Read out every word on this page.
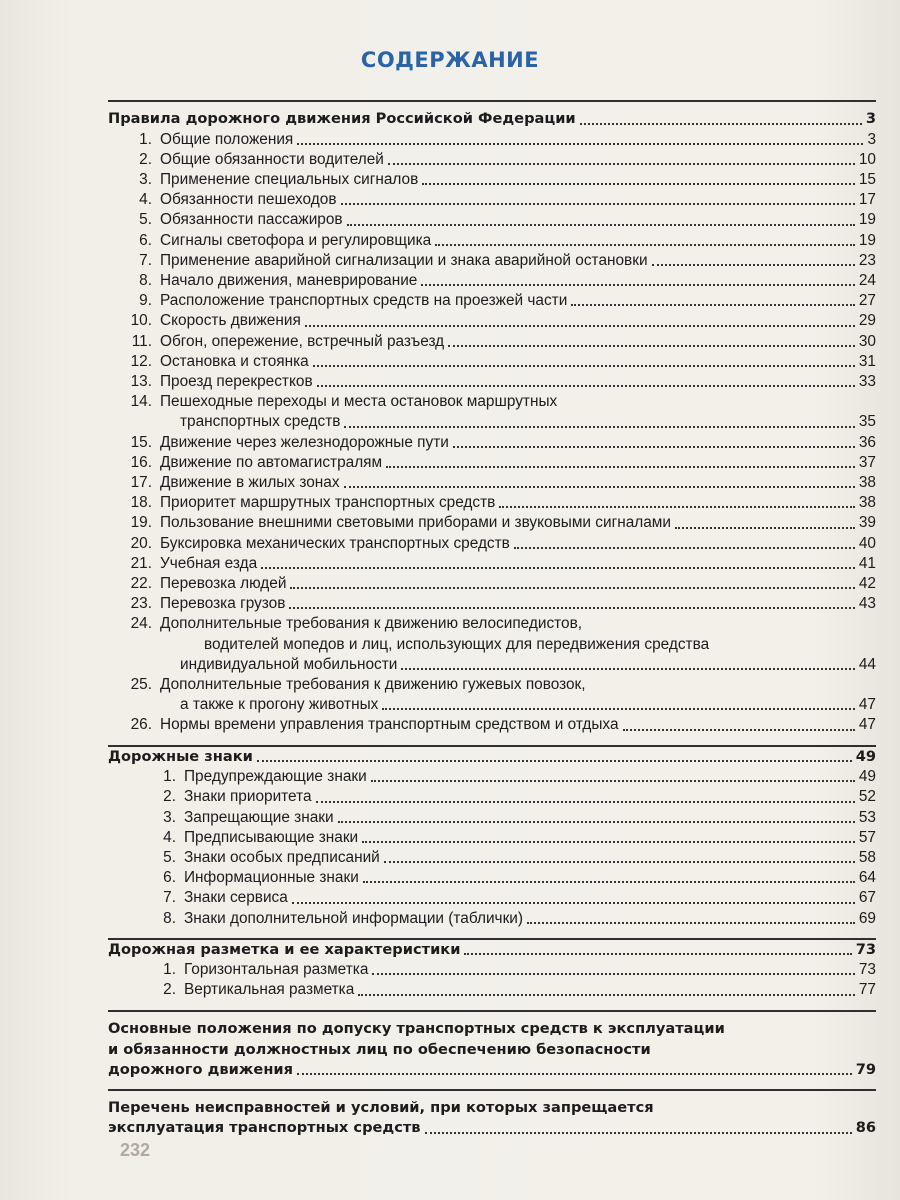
СОДЕРЖАНИЕ
Правила дорожного движения Российской Федерации	3
1. Общие положения	3
2. Общие обязанности водителей	10
3. Применение специальных сигналов	15
4. Обязанности пешеходов	17
5. Обязанности пассажиров	19
6. Сигналы светофора и регулировщика	19
7. Применение аварийной сигнализации и знака аварийной остановки	23
8. Начало движения, маневрирование	24
9. Расположение транспортных средств на проезжей части	27
10. Скорость движения	29
11. Обгон, опережение, встречный разъезд	30
12. Остановка и стоянка	31
13. Проезд перекрестков	33
14. Пешеходные переходы и места остановок маршрутных
транспортных средств	35
15. Движение через железнодорожные пути	36
16. Движение по автомагистралям	37
17. Движение в жилых зонах	38
18. Приоритет маршрутных транспортных средств	38
19. Пользование внешними световыми приборами и звуковыми сигналами	39
20. Буксировка механических транспортных средств	40
21. Учебная езда	41
22. Перевозка людей	42
23. Перевозка грузов	43
24. Дополнительные требования к движению велосипедистов,
водителей мопедов и лиц, использующих для передвижения средства
индивидуальной мобильности	44
25. Дополнительные требования к движению гужевых повозок,
а также к прогону животных	47
26. Нормы времени управления транспортным средством и отдыха	47
Дорожные знаки	49
1. Предупреждающие знаки	49
2. Знаки приоритета	52
3. Запрещающие знаки	53
4. Предписывающие знаки	57
5. Знаки особых предписаний	58
6. Информационные знаки	64
7. Знаки сервиса	67
8. Знаки дополнительной информации (таблички)	69
Дорожная разметка и ее характеристики	73
1. Горизонтальная разметка	73
2. Вертикальная разметка	77
Основные положения по допуску транспортных средств к эксплуатации
и обязанности должностных лиц по обеспечению безопасности
дорожного движения	79
Перечень неисправностей и условий, при которых запрещается
эксплуатация транспортных средств	86
232
